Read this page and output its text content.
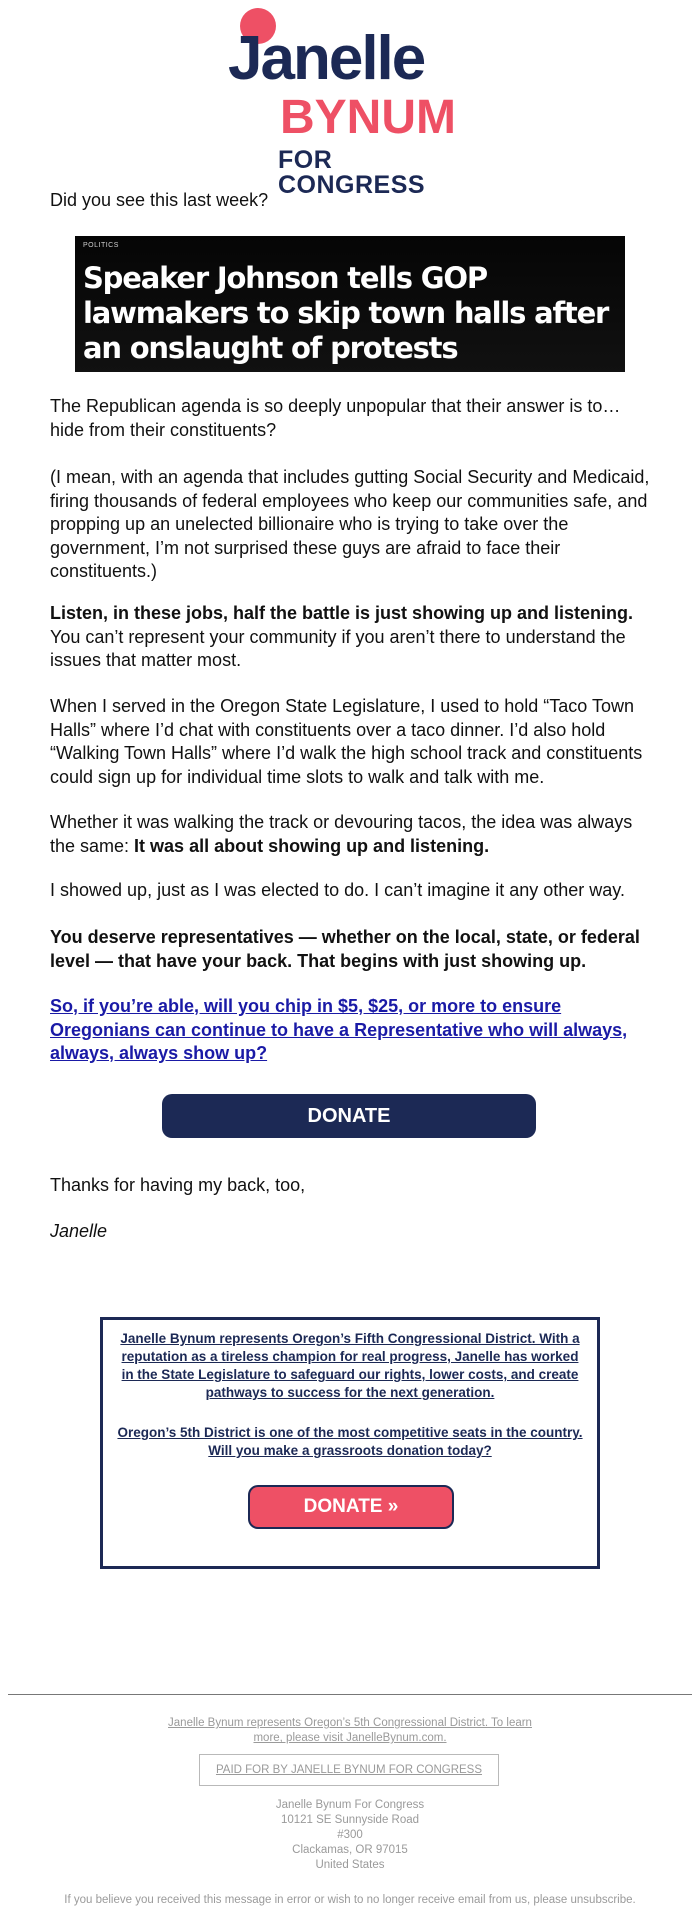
Janelle
BYNUM
FOR CONGRESS

Did you see this last week?

POLITICS
Speaker Johnson tells GOP lawmakers to skip town halls after an onslaught of protests

The Republican agenda is so deeply unpopular that their answer is to… hide from their constituents?

(I mean, with an agenda that includes gutting Social Security and Medicaid, firing thousands of federal employees who keep our communities safe, and propping up an unelected billionaire who is trying to take over the government, I’m not surprised these guys are afraid to face their constituents.)

Listen, in these jobs, half the battle is just showing up and listening. You can’t represent your community if you aren’t there to understand the issues that matter most.

When I served in the Oregon State Legislature, I used to hold “Taco Town Halls” where I’d chat with constituents over a taco dinner. I’d also hold “Walking Town Halls” where I’d walk the high school track and constituents could sign up for individual time slots to walk and talk with me.

Whether it was walking the track or devouring tacos, the idea was always the same: It was all about showing up and listening.

I showed up, just as I was elected to do. I can’t imagine it any other way.

You deserve representatives — whether on the local, state, or federal level — that have your back. That begins with just showing up.

So, if you’re able, will you chip in $5, $25, or more to ensure Oregonians can continue to have a Representative who will always, always, always show up?

DONATE

Thanks for having my back, too,

Janelle

Janelle Bynum represents Oregon’s Fifth Congressional District. With a reputation as a tireless champion for real progress, Janelle has worked in the State Legislature to safeguard our rights, lower costs, and create pathways to success for the next generation.

Oregon’s 5th District is one of the most competitive seats in the country. Will you make a grassroots donation today?

DONATE »
Janelle Bynum represents Oregon’s 5th Congressional District. To learn more, please visit JanelleBynum.com.
PAID FOR BY JANELLE BYNUM FOR CONGRESS
Janelle Bynum For Congress
10121 SE Sunnyside Road
#300
Clackamas, OR 97015
United States
If you believe you received this message in error or wish to no longer receive email from us, please unsubscribe.
